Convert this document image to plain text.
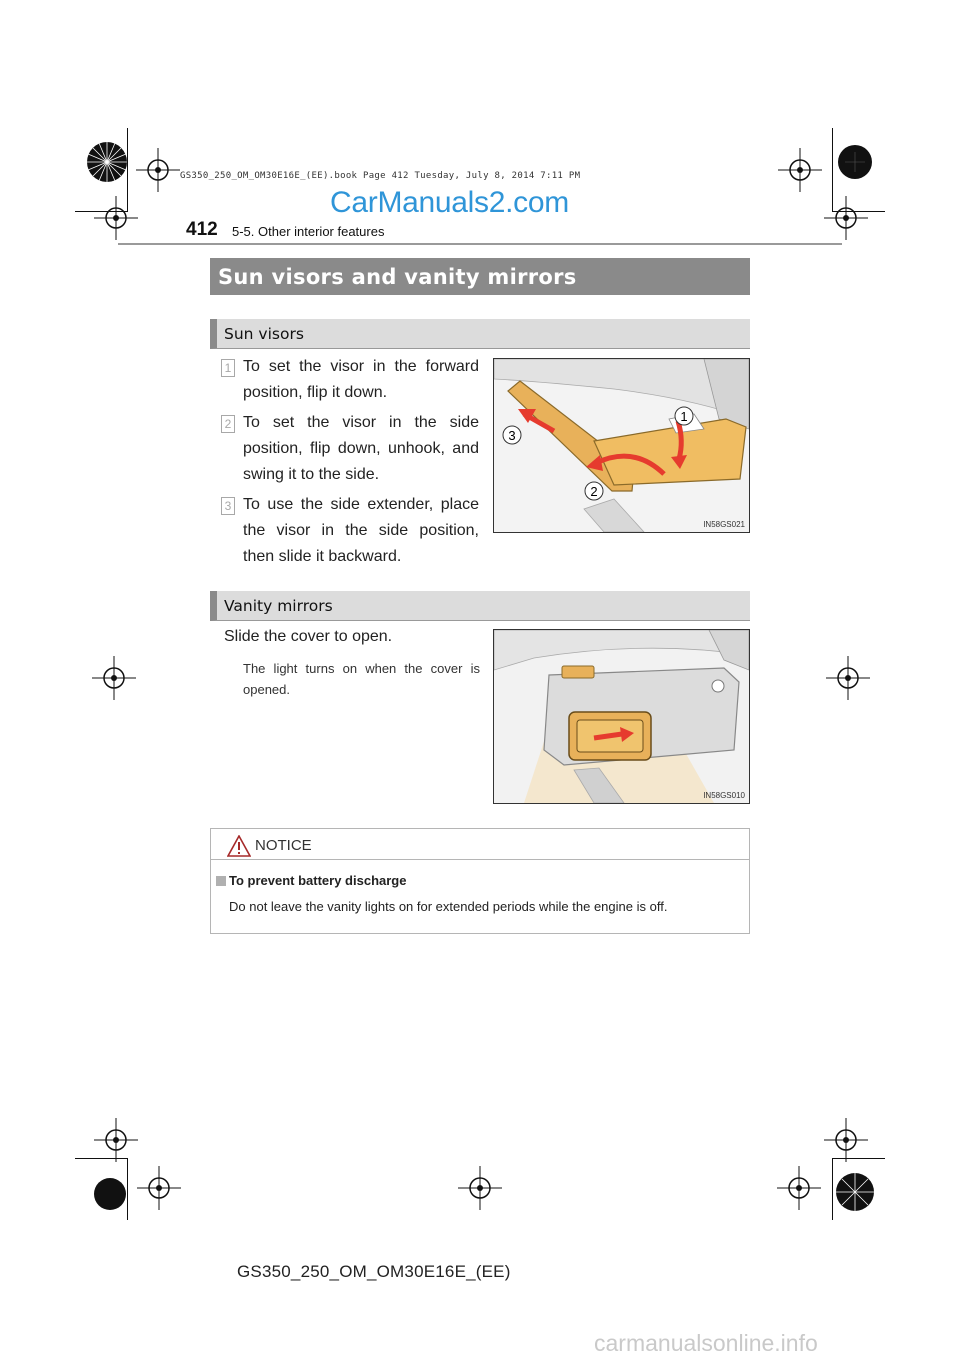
GS350_250_OM_OM30E16E_(EE).book Page 412 Tuesday, July 8, 2014 7:11 PM
CarManuals2.com
412 5-5. Other interior features
Sun visors and vanity mirrors
Sun visors
1 To set the visor in the forward position, flip it down.
2 To set the visor in the side position, flip down, unhook, and swing it to the side.
3 To use the side extender, place the visor in the side position, then slide it backward.
1
3
2
IN58GS021
Vanity mirrors
Slide the cover to open.
The light turns on when the cover is opened.
IN58GS010
NOTICE
To prevent battery discharge
Do not leave the vanity lights on for extended periods while the engine is off.
GS350_250_OM_OM30E16E_(EE)
carmanualsonline.info
